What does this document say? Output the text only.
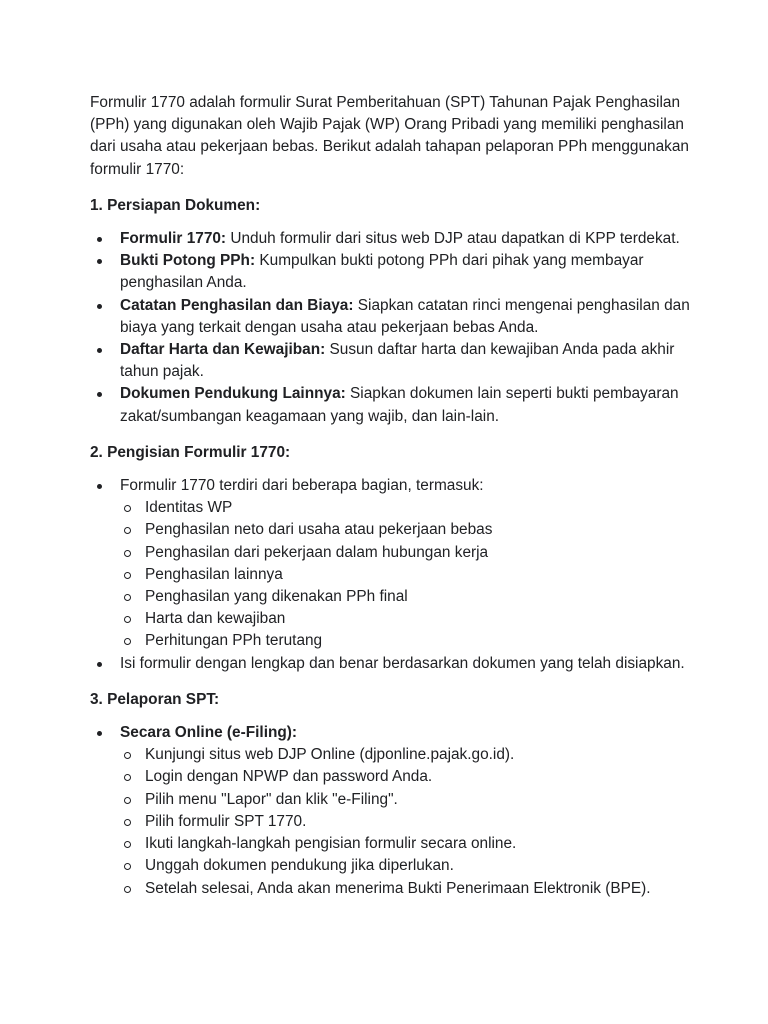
Formulir 1770 adalah formulir Surat Pemberitahuan (SPT) Tahunan Pajak Penghasilan (PPh) yang digunakan oleh Wajib Pajak (WP) Orang Pribadi yang memiliki penghasilan dari usaha atau pekerjaan bebas. Berikut adalah tahapan pelaporan PPh menggunakan formulir 1770:

1. Persiapan Dokumen:

Formulir 1770: Unduh formulir dari situs web DJP atau dapatkan di KPP terdekat.
Bukti Potong PPh: Kumpulkan bukti potong PPh dari pihak yang membayar penghasilan Anda.
Catatan Penghasilan dan Biaya: Siapkan catatan rinci mengenai penghasilan dan biaya yang terkait dengan usaha atau pekerjaan bebas Anda.
Daftar Harta dan Kewajiban: Susun daftar harta dan kewajiban Anda pada akhir tahun pajak.
Dokumen Pendukung Lainnya: Siapkan dokumen lain seperti bukti pembayaran zakat/sumbangan keagamaan yang wajib, dan lain-lain.

2. Pengisian Formulir 1770:

Formulir 1770 terdiri dari beberapa bagian, termasuk:
Identitas WP
Penghasilan neto dari usaha atau pekerjaan bebas
Penghasilan dari pekerjaan dalam hubungan kerja
Penghasilan lainnya
Penghasilan yang dikenakan PPh final
Harta dan kewajiban
Perhitungan PPh terutang
Isi formulir dengan lengkap dan benar berdasarkan dokumen yang telah disiapkan.

3. Pelaporan SPT:

Secara Online (e-Filing):
Kunjungi situs web DJP Online (djponline.pajak.go.id).
Login dengan NPWP dan password Anda.
Pilih menu "Lapor" dan klik "e-Filing".
Pilih formulir SPT 1770.
Ikuti langkah-langkah pengisian formulir secara online.
Unggah dokumen pendukung jika diperlukan.
Setelah selesai, Anda akan menerima Bukti Penerimaan Elektronik (BPE).
